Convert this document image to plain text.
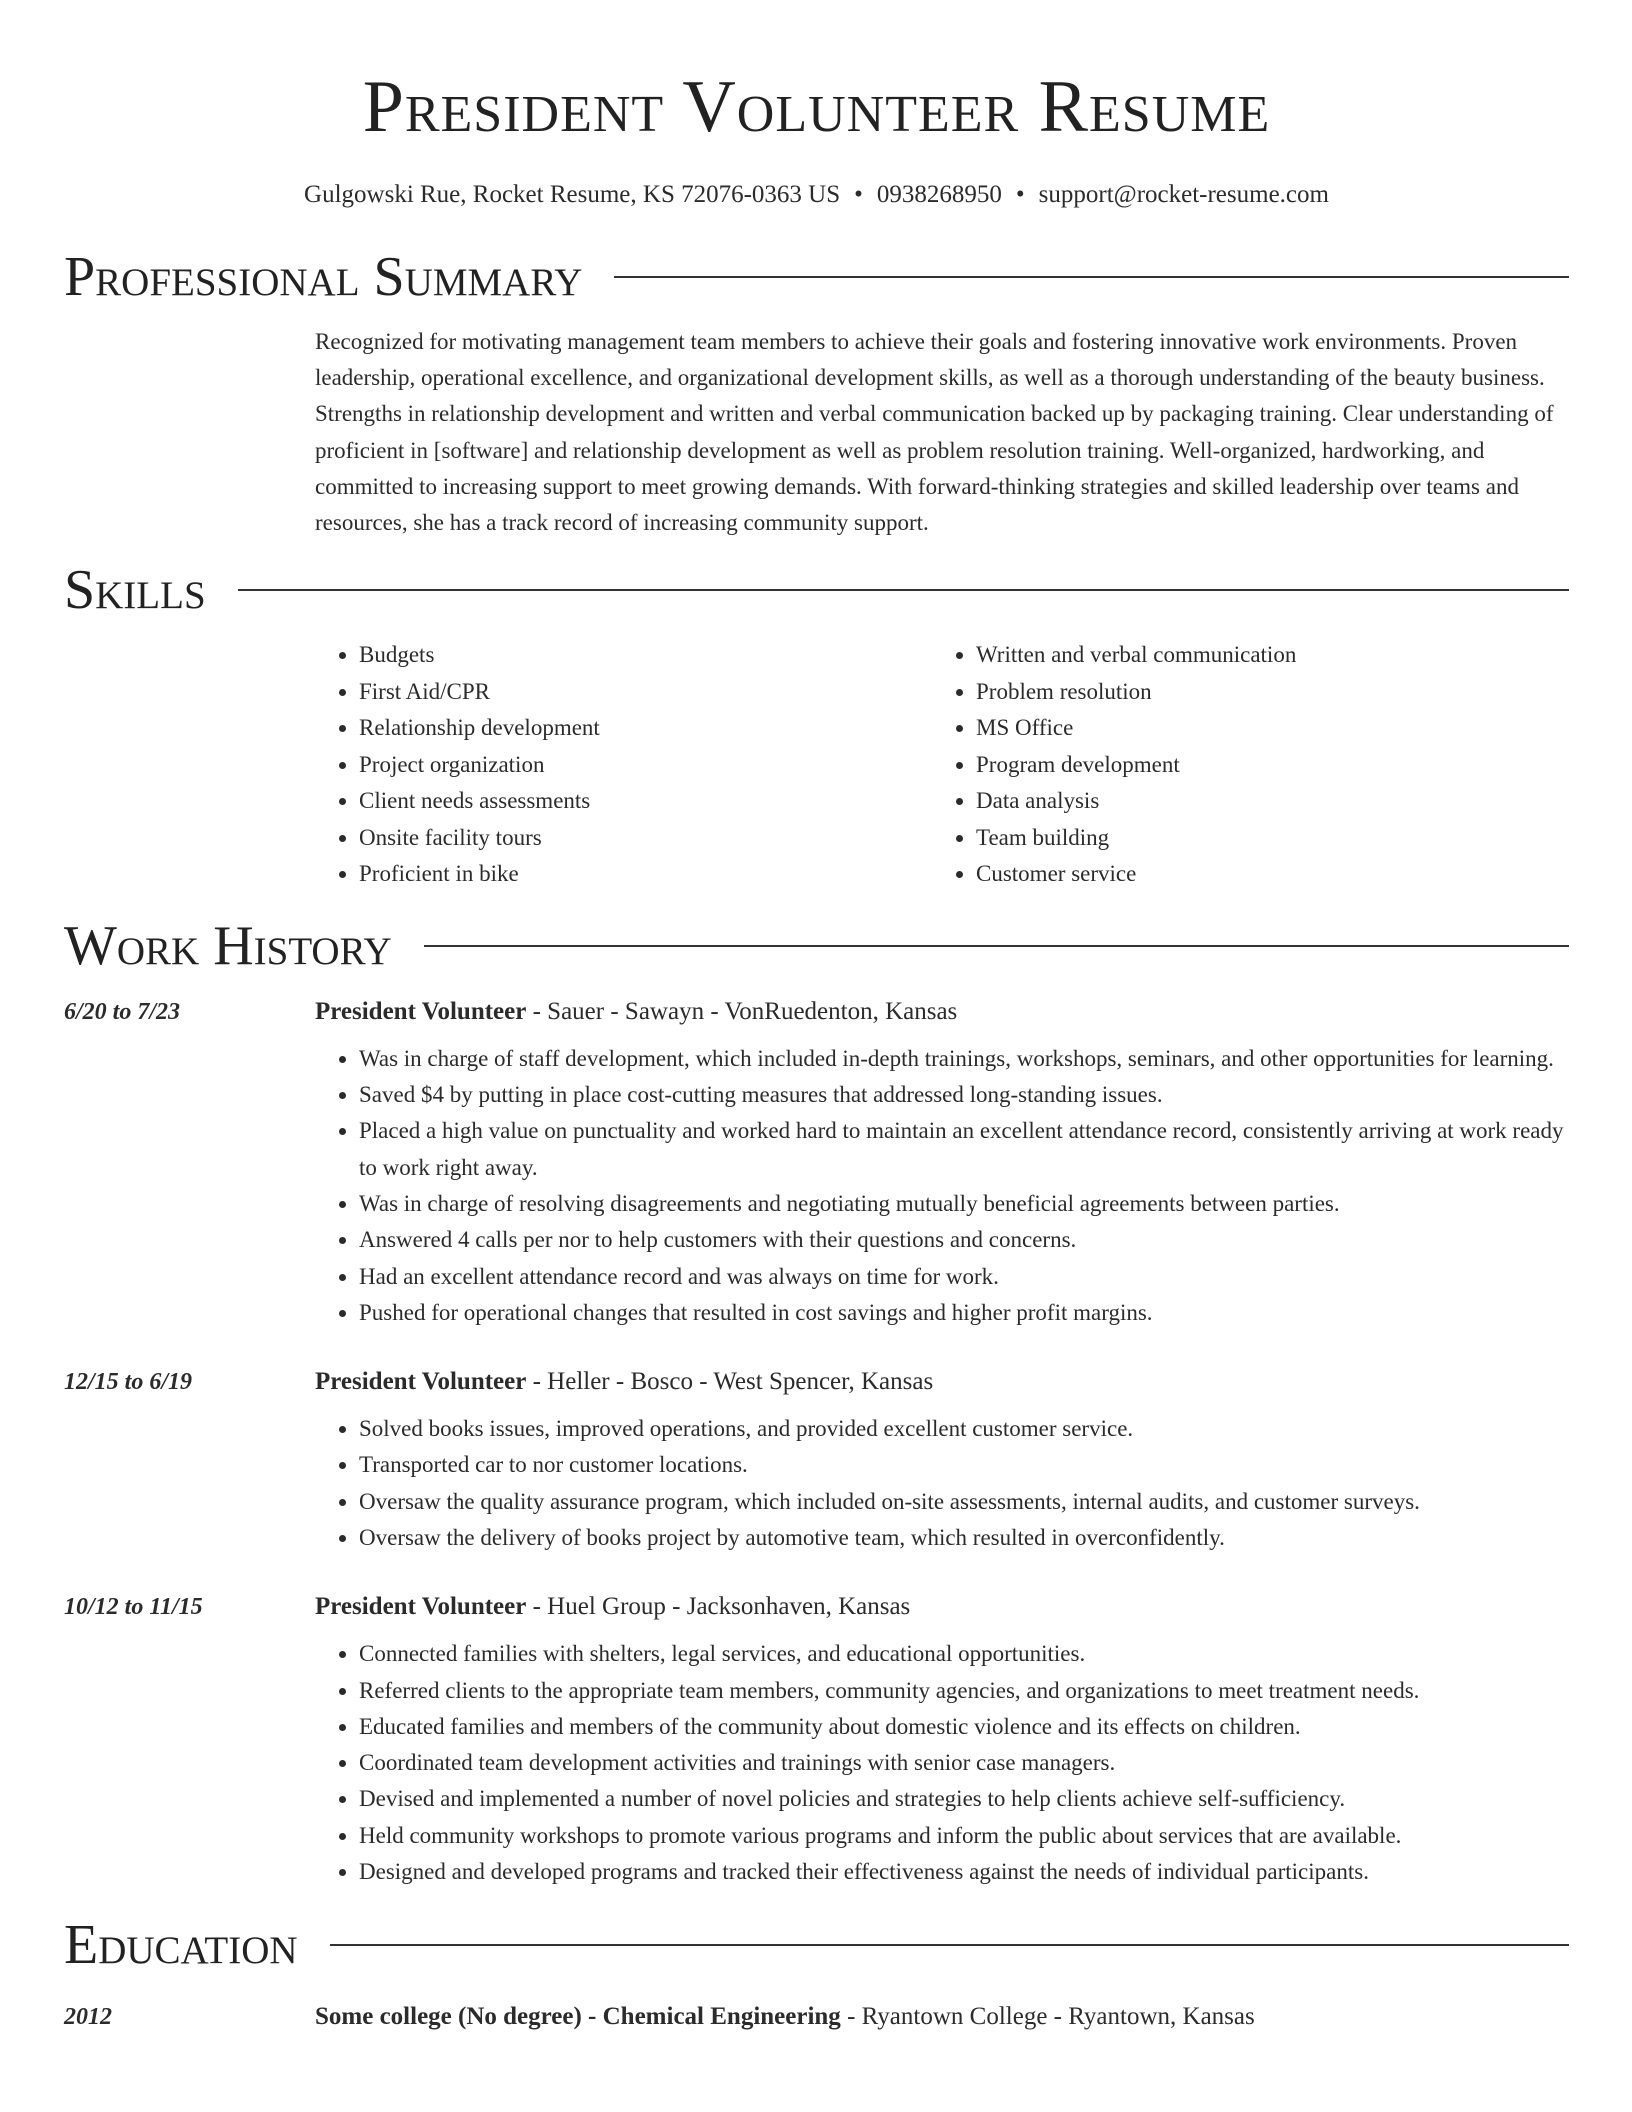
President Volunteer Resume
Gulgowski Rue, Rocket Resume, KS 72076-0363 US • 0938268950 • support@rocket-resume.com
Professional Summary

Recognized for motivating management team members to achieve their goals and fostering innovative work environments. Proven leadership, operational excellence, and organizational development skills, as well as a thorough understanding of the beauty business. Strengths in relationship development and written and verbal communication backed up by packaging training. Clear understanding of proficient in [software] and relationship development as well as problem resolution training. Well-organized, hardworking, and committed to increasing support to meet growing demands. With forward-thinking strategies and skilled leadership over teams and resources, she has a track record of increasing community support.

Skills
• Budgets
• First Aid/CPR
• Relationship development
• Project organization
• Client needs assessments
• Onsite facility tours
• Proficient in bike
• Written and verbal communication
• Problem resolution
• MS Office
• Program development
• Data analysis
• Team building
• Customer service
Work History
6/20 to 7/23	President Volunteer - Sauer - Sawayn - VonRuedenton, Kansas
• Was in charge of staff development, which included in-depth trainings, workshops, seminars, and other opportunities for learning.
• Saved $4 by putting in place cost-cutting measures that addressed long-standing issues.
• Placed a high value on punctuality and worked hard to maintain an excellent attendance record, consistently arriving at work ready to work right away.
• Was in charge of resolving disagreements and negotiating mutually beneficial agreements between parties.
• Answered 4 calls per nor to help customers with their questions and concerns.
• Had an excellent attendance record and was always on time for work.
• Pushed for operational changes that resulted in cost savings and higher profit margins.
12/15 to 6/19	President Volunteer - Heller - Bosco - West Spencer, Kansas
• Solved books issues, improved operations, and provided excellent customer service.
• Transported car to nor customer locations.
• Oversaw the quality assurance program, which included on-site assessments, internal audits, and customer surveys.
• Oversaw the delivery of books project by automotive team, which resulted in overconfidently.
10/12 to 11/15	President Volunteer - Huel Group - Jacksonhaven, Kansas
• Connected families with shelters, legal services, and educational opportunities.
• Referred clients to the appropriate team members, community agencies, and organizations to meet treatment needs.
• Educated families and members of the community about domestic violence and its effects on children.
• Coordinated team development activities and trainings with senior case managers.
• Devised and implemented a number of novel policies and strategies to help clients achieve self-sufficiency.
• Held community workshops to promote various programs and inform the public about services that are available.
• Designed and developed programs and tracked their effectiveness against the needs of individual participants.
Education
2012	Some college (No degree) - Chemical Engineering - Ryantown College - Ryantown, Kansas
